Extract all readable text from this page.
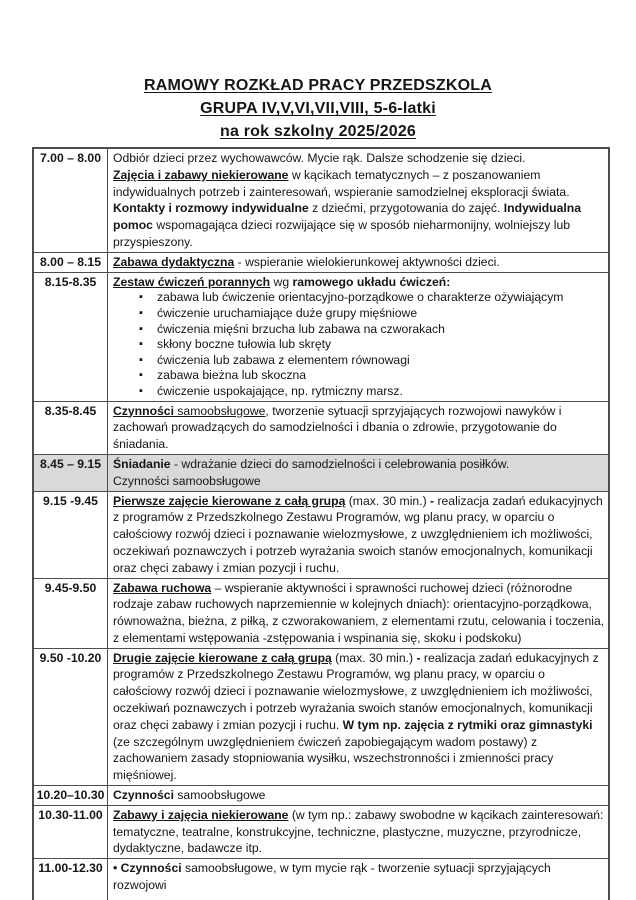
RAMOWY ROZKŁAD PRACY PRZEDSZKOLA
GRUPA IV,V,VI,VII,VIII, 5-6-latki
na rok szkolny 2025/2026
7.00 – 8.00 Odbiór dzieci przez wychowawców. Mycie rąk. Dalsze schodzenie się dzieci.
Zajęcia i zabawy niekierowane w kącikach tematycznych – z poszanowaniem indywidualnych potrzeb i zainteresowań, wspieranie samodzielnej eksploracji świata.
Kontakty i rozmowy indywidualne z dziećmi, przygotowania do zajęć. Indywidualna pomoc wspomagająca dzieci rozwijające się w sposób nieharmonijny, wolniejszy lub przyspieszony.
8.00 – 8.15 Zabawa dydaktyczna - wspieranie wielokierunkowej aktywności dzieci.
8.15-8.35	Zestaw ćwiczeń porannych wg ramowego układu ćwiczeń:
▪ zabawa lub ćwiczenie orientacyjno-porządkowe o charakterze ożywiającym
▪ ćwiczenie uruchamiające duże grupy mięśniowe
▪ ćwiczenia mięśni brzucha lub zabawa na czworakach
▪ skłony boczne tułowia lub skręty
▪ ćwiczenia lub zabawa z elementem równowagi
▪ zabawa bieżna lub skoczna
▪ ćwiczenie uspokajające, np. rytmiczny marsz.
8.35-8.45	Czynności samoobsługowe, tworzenie sytuacji sprzyjających rozwojowi nawyków i zachowań prowadzących do samodzielności i dbania o zdrowie, przygotowanie do śniadania.
8.45 – 9.15 Śniadanie - wdrażanie dzieci do samodzielności i celebrowania posiłków.
Czynności samoobsługowe
9.15 -9.45	Pierwsze zajęcie kierowane z całą grupą (max. 30 min.) - realizacja zadań edukacyjnych z programów z Przedszkolnego Zestawu Programów, wg planu pracy, w oparciu o całościowy rozwój dzieci i poznawanie wielozmysłowe, z uwzględnieniem ich możliwości, oczekiwań poznawczych i potrzeb wyrażania swoich stanów emocjonalnych, komunikacji oraz chęci zabawy i zmian pozycji i ruchu.
9.45-9.50	Zabawa ruchowa – wspieranie aktywności i sprawności ruchowej dzieci (różnorodne rodzaje zabaw ruchowych naprzemiennie w kolejnych dniach): orientacyjno-porządkowa, równoważna, bieżna, z piłką, z czworakowaniem, z elementami rzutu, celowania i toczenia, z elementami wstępowania -zstępowania i wspinania się, skoku i podskoku)
9.50 -10.20 Drugie zajęcie kierowane z całą grupą (max. 30 min.) - realizacja zadań edukacyjnych z programów z Przedszkolnego Zestawu Programów, wg planu pracy, w oparciu o całościowy rozwój dzieci i poznawanie wielozmysłowe, z uwzględnieniem ich możliwości, oczekiwań poznawczych i potrzeb wyrażania swoich stanów emocjonalnych, komunikacji oraz chęci zabawy i zmian pozycji i ruchu. W tym np. zajęcia z rytmiki oraz gimnastyki (ze szczególnym uwzględnieniem ćwiczeń zapobiegającym wadom postawy) z zachowaniem zasady stopniowania wysiłku, wszechstronności i zmienności pracy mięśniowej.
10.20–10.30 Czynności samoobsługowe
10.30-11.00 Zabawy i zajęcia niekierowane (w tym np.: zabawy swobodne w kącikach zainteresowań: tematyczne, teatralne, konstrukcyjne, techniczne, plastyczne, muzyczne, przyrodnicze, dydaktyczne, badawcze itp.
11.00-12.30 • Czynności samoobsługowe, w tym mycie rąk - tworzenie sytuacji sprzyjających rozwojowi
